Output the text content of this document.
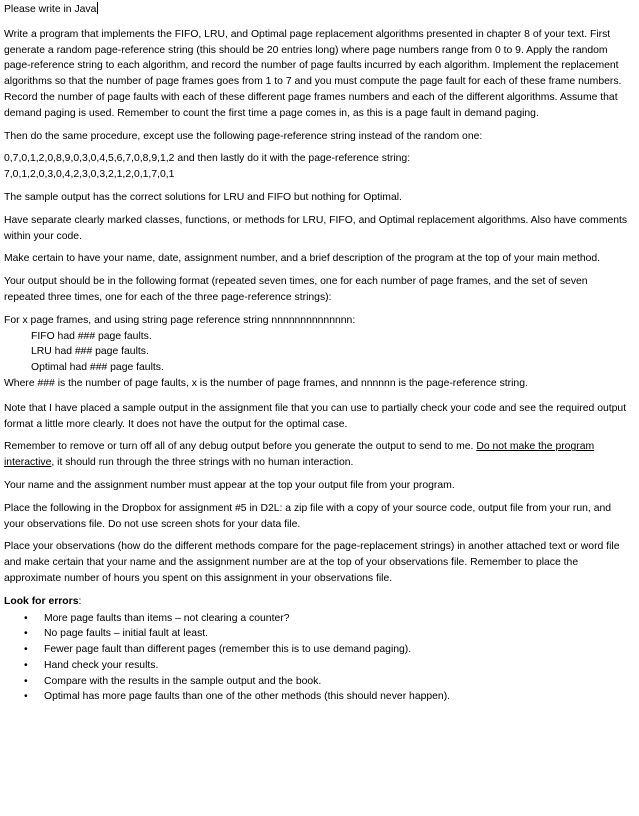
Please write in Java

Write a program that implements the FIFO, LRU, and Optimal page replacement algorithms presented in chapter 8 of your text. First generate a random page-reference string (this should be 20 entries long) where page numbers range from 0 to 9. Apply the random page-reference string to each algorithm, and record the number of page faults incurred by each algorithm. Implement the replacement algorithms so that the number of page frames goes from 1 to 7 and you must compute the page fault for each of these frame numbers. Record the number of page faults with each of these different page frames numbers and each of the different algorithms. Assume that demand paging is used. Remember to count the first time a page comes in, as this is a page fault in demand paging.

Then do the same procedure, except use the following page-reference string instead of the random one:

0,7,0,1,2,0,8,9,0,3,0,4,5,6,7,0,8,9,1,2 and then lastly do it with the page-reference string:

7,0,1,2,0,3,0,4,2,3,0,3,2,1,2,0,1,7,0,1

The sample output has the correct solutions for LRU and FIFO but nothing for Optimal.

Have separate clearly marked classes, functions, or methods for LRU, FIFO, and Optimal replacement algorithms. Also have comments within your code.

Make certain to have your name, date, assignment number, and a brief description of the program at the top of your main method.

Your output should be in the following format (repeated seven times, one for each number of page frames, and the set of seven repeated three times, one for each of the three page-reference strings):

For x page frames, and using string page reference string nnnnnnnnnnnnnn:

FIFO had ### page faults.

LRU had ### page faults.

Optimal had ### page faults.

Where ### is the number of page faults, x is the number of page frames, and nnnnnn is the page-reference string.

Note that I have placed a sample output in the assignment file that you can use to partially check your code and see the required output format a little more clearly. It does not have the output for the optimal case.

Remember to remove or turn off all of any debug output before you generate the output to send to me. Do not make the program interactive, it should run through the three strings with no human interaction.

Your name and the assignment number must appear at the top your output file from your program.

Place the following in the Dropbox for assignment #5 in D2L: a zip file with a copy of your source code, output file from your run, and your observations file. Do not use screen shots for your data file.

Place your observations (how do the different methods compare for the page-replacement strings) in another attached text or word file and make certain that your name and the assignment number are at the top of your observations file. Remember to place the approximate number of hours you spent on this assignment in your observations file.

Look for errors:

• More page faults than items – not clearing a counter?
• No page faults – initial fault at least.
• Fewer page fault than different pages (remember this is to use demand paging).
• Hand check your results.
• Compare with the results in the sample output and the book.
• Optimal has more page faults than one of the other methods (this should never happen).
